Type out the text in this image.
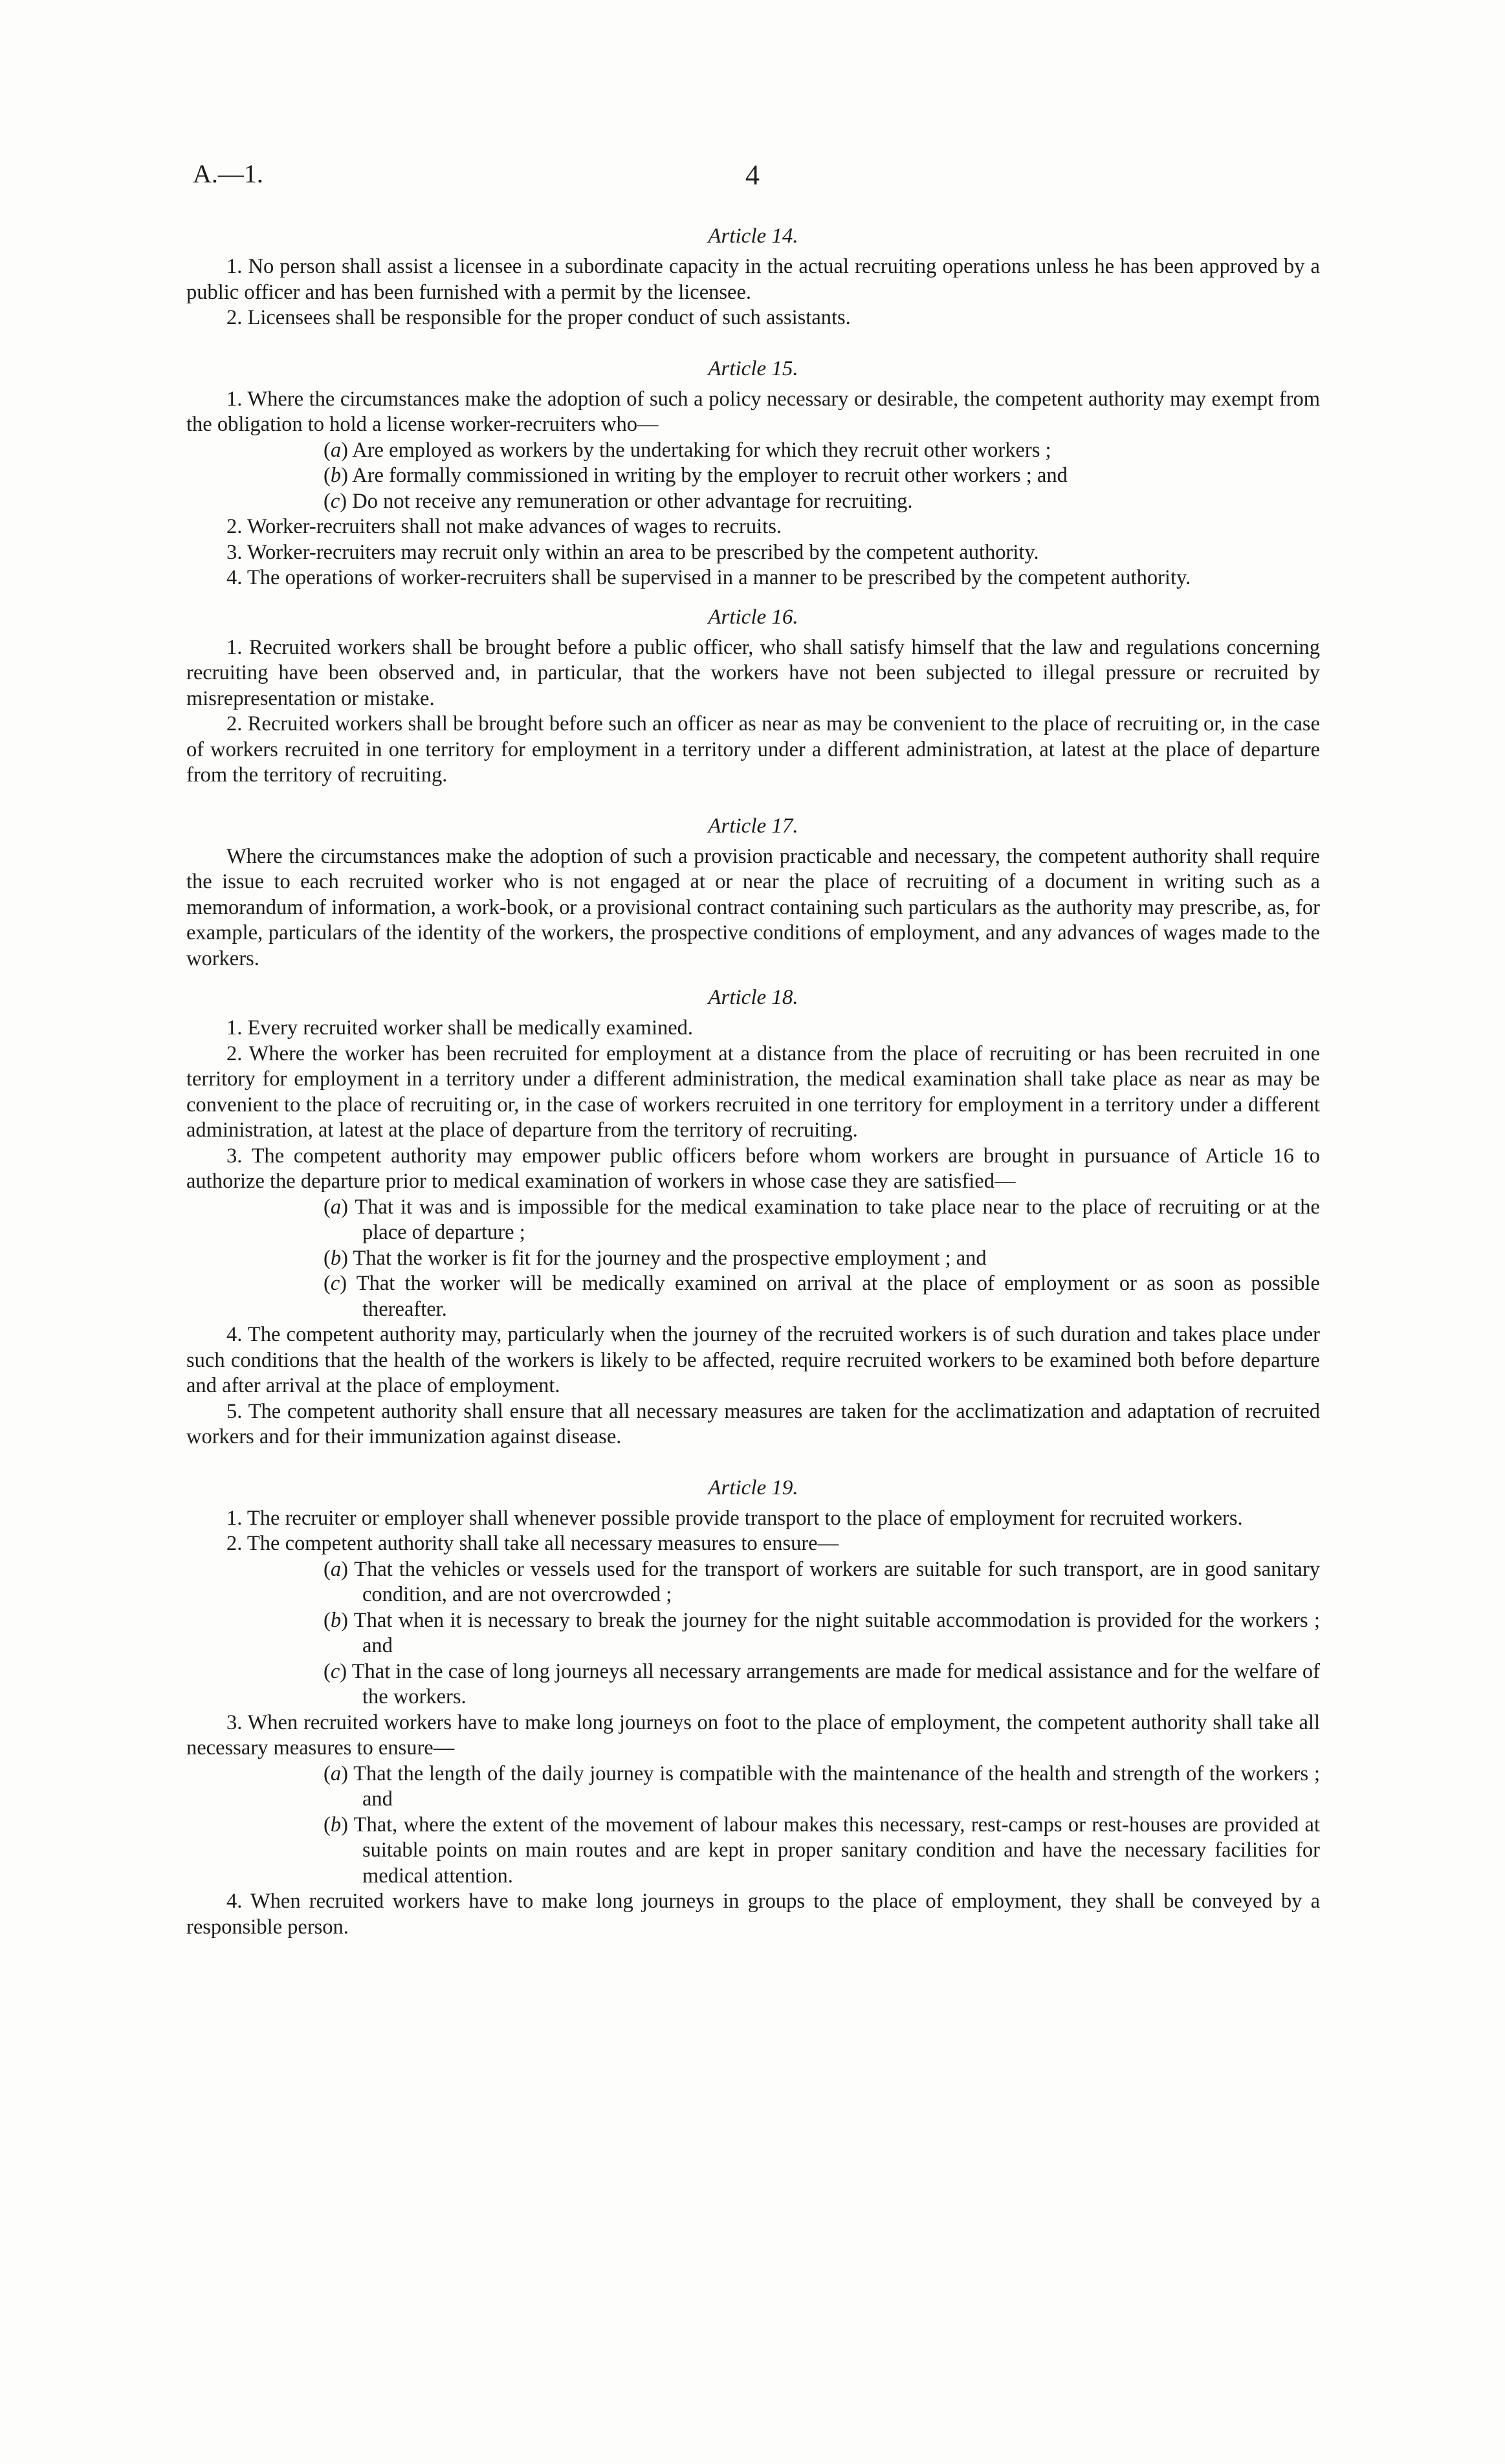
A.—1.	4
Article 14.

1. No person shall assist a licensee in a subordinate capacity in the actual recruiting operations unless he has been approved by a public officer and has been furnished with a permit by the licensee.

2. Licensees shall be responsible for the proper conduct of such assistants.

Article 15.

1. Where the circumstances make the adoption of such a policy necessary or desirable, the competent authority may exempt from the obligation to hold a license worker-recruiters who—

(a) Are employed as workers by the undertaking for which they recruit other workers ;
(b) Are formally commissioned in writing by the employer to recruit other workers ; and
(c) Do not receive any remuneration or other advantage for recruiting.

2. Worker-recruiters shall not make advances of wages to recruits.

3. Worker-recruiters may recruit only within an area to be prescribed by the competent authority.

4. The operations of worker-recruiters shall be supervised in a manner to be prescribed by the competent authority.

Article 16.

1. Recruited workers shall be brought before a public officer, who shall satisfy himself that the law and regulations concerning recruiting have been observed and, in particular, that the workers have not been subjected to illegal pressure or recruited by misrepresentation or mistake.

2. Recruited workers shall be brought before such an officer as near as may be convenient to the place of recruiting or, in the case of workers recruited in one territory for employment in a territory under a different administration, at latest at the place of departure from the territory of recruiting.

Article 17.

Where the circumstances make the adoption of such a provision practicable and necessary, the competent authority shall require the issue to each recruited worker who is not engaged at or near the place of recruiting of a document in writing such as a memorandum of information, a work-book, or a provisional contract containing such particulars as the authority may prescribe, as, for example, particulars of the identity of the workers, the prospective conditions of employment, and any advances of wages made to the workers.

Article 18.

1. Every recruited worker shall be medically examined.

2. Where the worker has been recruited for employment at a distance from the place of recruiting or has been recruited in one territory for employment in a territory under a different administration, the medical examination shall take place as near as may be convenient to the place of recruiting or, in the case of workers recruited in one territory for employment in a territory under a different administration, at latest at the place of departure from the territory of recruiting.

3. The competent authority may empower public officers before whom workers are brought in pursuance of Article 16 to authorize the departure prior to medical examination of workers in whose case they are satisfied—

(a) That it was and is impossible for the medical examination to take place near to the place of recruiting or at the place of departure ;
(b) That the worker is fit for the journey and the prospective employment ; and
(c) That the worker will be medically examined on arrival at the place of employment or as soon as possible thereafter.

4. The competent authority may, particularly when the journey of the recruited workers is of such duration and takes place under such conditions that the health of the workers is likely to be affected, require recruited workers to be examined both before departure and after arrival at the place of employment.

5. The competent authority shall ensure that all necessary measures are taken for the acclimatization and adaptation of recruited workers and for their immunization against disease.

Article 19.

1. The recruiter or employer shall whenever possible provide transport to the place of employment for recruited workers.

2. The competent authority shall take all necessary measures to ensure—

(a) That the vehicles or vessels used for the transport of workers are suitable for such transport, are in good sanitary condition, and are not overcrowded ;
(b) That when it is necessary to break the journey for the night suitable accommodation is provided for the workers ; and
(c) That in the case of long journeys all necessary arrangements are made for medical assistance and for the welfare of the workers.

3. When recruited workers have to make long journeys on foot to the place of employment, the competent authority shall take all necessary measures to ensure—

(a) That the length of the daily journey is compatible with the maintenance of the health and strength of the workers ; and
(b) That, where the extent of the movement of labour makes this necessary, rest-camps or rest-houses are provided at suitable points on main routes and are kept in proper sanitary condition and have the necessary facilities for medical attention.

4. When recruited workers have to make long journeys in groups to the place of employment, they shall be conveyed by a responsible person.
